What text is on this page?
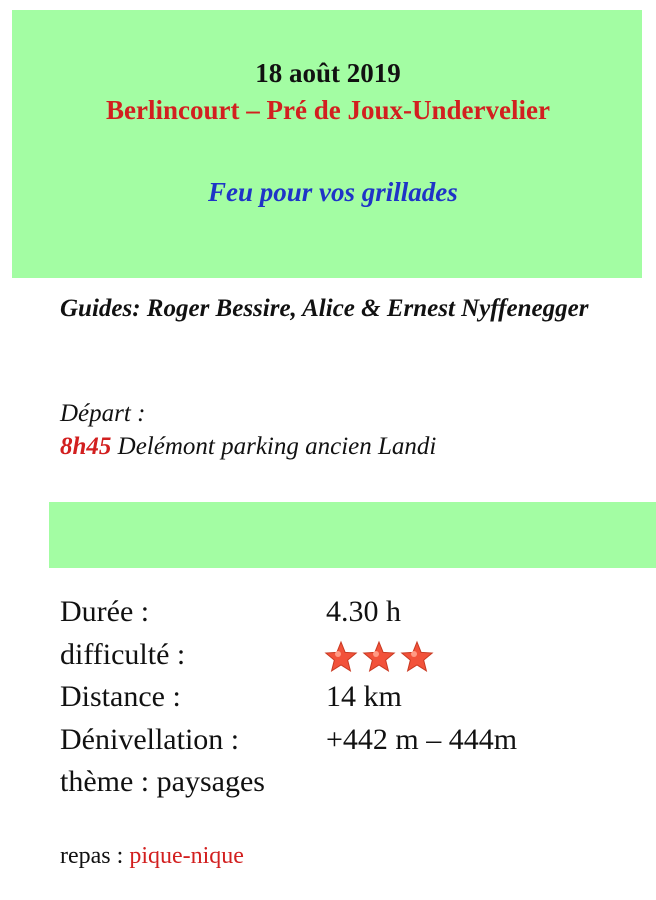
18 août 2019
Berlincourt – Pré de Joux-Undervelier
Feu pour vos grillades
Guides: Roger Bessire, Alice & Ernest Nyffenegger
Départ :
8h45 Delémont parking ancien Landi
Durée :	4.30 h
difficulté :
Distance :	14 km
Dénivellation :	+442 m – 444m
thème : paysages
repas : pique-nique
